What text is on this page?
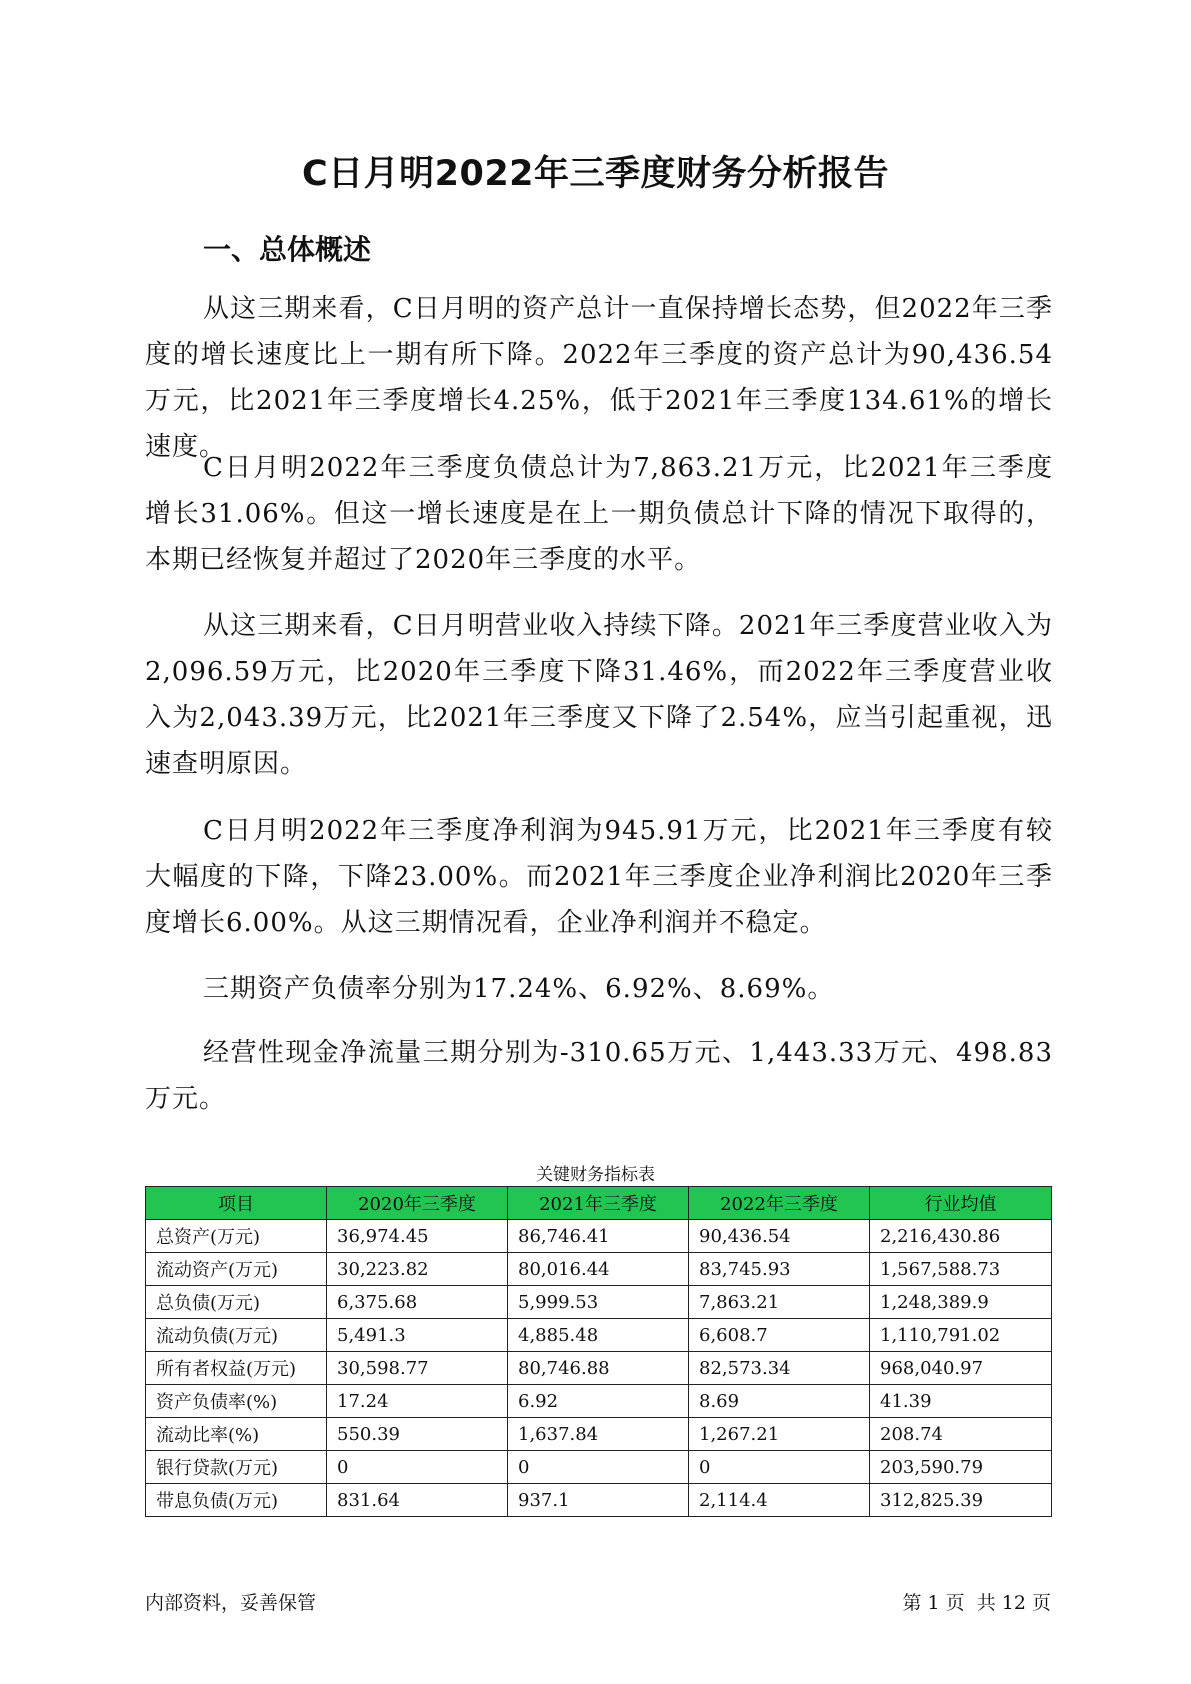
C日月明2022年三季度财务分析报告
一、总体概述

从这三期来看，C日月明的资产总计一直保持增长态势，但2022年三季度的增长速度比上一期有所下降。2022年三季度的资产总计为90,436.54万元，比2021年三季度增长4.25%，低于2021年三季度134.61%的增长速度。

C日月明2022年三季度负债总计为7,863.21万元，比2021年三季度增长31.06%。但这一增长速度是在上一期负债总计下降的情况下取得的，本期已经恢复并超过了2020年三季度的水平。

从这三期来看，C日月明营业收入持续下降。2021年三季度营业收入为2,096.59万元，比2020年三季度下降31.46%，而2022年三季度营业收入为2,043.39万元，比2021年三季度又下降了2.54%，应当引起重视，迅速查明原因。

C日月明2022年三季度净利润为945.91万元，比2021年三季度有较大幅度的下降，下降23.00%。而2021年三季度企业净利润比2020年三季度增长6.00%。从这三期情况看，企业净利润并不稳定。

三期资产负债率分别为17.24%、6.92%、8.69%。

经营性现金净流量三期分别为-310.65万元、1,443.33万元、498.83万元。

关键财务指标表
项目	2020年三季度	2021年三季度	2022年三季度	行业均值
总资产(万元)	36,974.45	86,746.41	90,436.54	2,216,430.86
流动资产(万元)	30,223.82	80,016.44	83,745.93	1,567,588.73
总负债(万元)	6,375.68	5,999.53	7,863.21	1,248,389.9
流动负债(万元)	5,491.3	4,885.48	6,608.7	1,110,791.02
所有者权益(万元)	30,598.77	80,746.88	82,573.34	968,040.97
资产负债率(%)	17.24	6.92	8.69	41.39
流动比率(%)	550.39	1,637.84	1,267.21	208.74
银行贷款(万元)	0	0	0	203,590.79
带息负债(万元)	831.64	937.1	2,114.4	312,825.39
内部资料，妥善保管	第 1 页  共 12 页
